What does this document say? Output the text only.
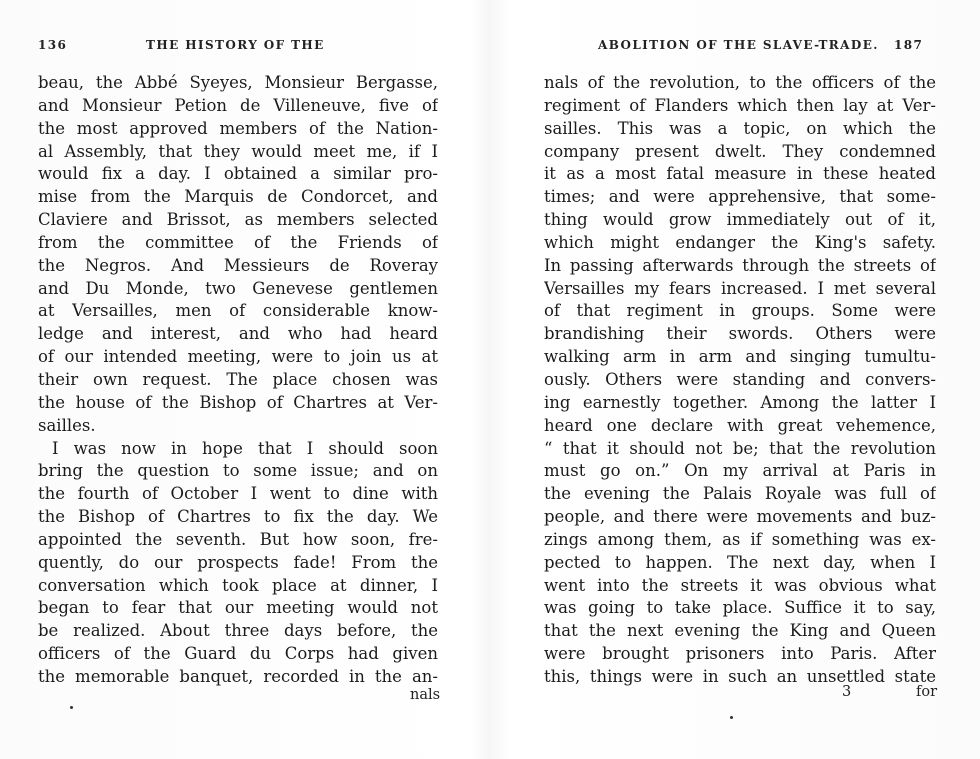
136	THE HISTORY OF THE
beau, the Abbé Syeyes, Monsieur Bergasse,
and Monsieur Petion de Villeneuve, five of
the most approved members of the Nation-
al Assembly, that they would meet me, if I
would fix a day. I obtained a similar pro-
mise from the Marquis de Condorcet, and
Claviere and Brissot, as members selected
from the committee of the Friends of
the Negros. And Messieurs de Roveray
and Du Monde, two Genevese gentlemen
at Versailles, men of considerable know-
ledge and interest, and who had heard
of our intended meeting, were to join us at
their own request. The place chosen was
the house of the Bishop of Chartres at Ver-
sailles.
I was now in hope that I should soon
bring the question to some issue; and on
the fourth of October I went to dine with
the Bishop of Chartres to fix the day. We
appointed the seventh. But how soon, fre-
quently, do our prospects fade! From the
conversation which took place at dinner, I
began to fear that our meeting would not
be realized. About three days before, the
officers of the Guard du Corps had given
the memorable banquet, recorded in the an-
nals
ABOLITION OF THE SLAVE-TRADE. 187
nals of the revolution, to the officers of the
regiment of Flanders which then lay at Ver-
sailles. This was a topic, on which the
company present dwelt. They condemned
it as a most fatal measure in these heated
times; and were apprehensive, that some-
thing would grow immediately out of it,
which might endanger the King's safety.
In passing afterwards through the streets of
Versailles my fears increased. I met several
of that regiment in groups. Some were
brandishing their swords. Others were
walking arm in arm and singing tumultu-
ously. Others were standing and convers-
ing earnestly together. Among the latter I
heard one declare with great vehemence,
“ that it should not be; that the revolution
must go on.” On my arrival at Paris in
the evening the Palais Royale was full of
people, and there were movements and buz-
zings among them, as if something was ex-
pected to happen. The next day, when I
went into the streets it was obvious what
was going to take place. Suffice it to say,
that the next evening the King and Queen
were brought prisoners into Paris. After
this, things were in such an unsettled state
3	for
